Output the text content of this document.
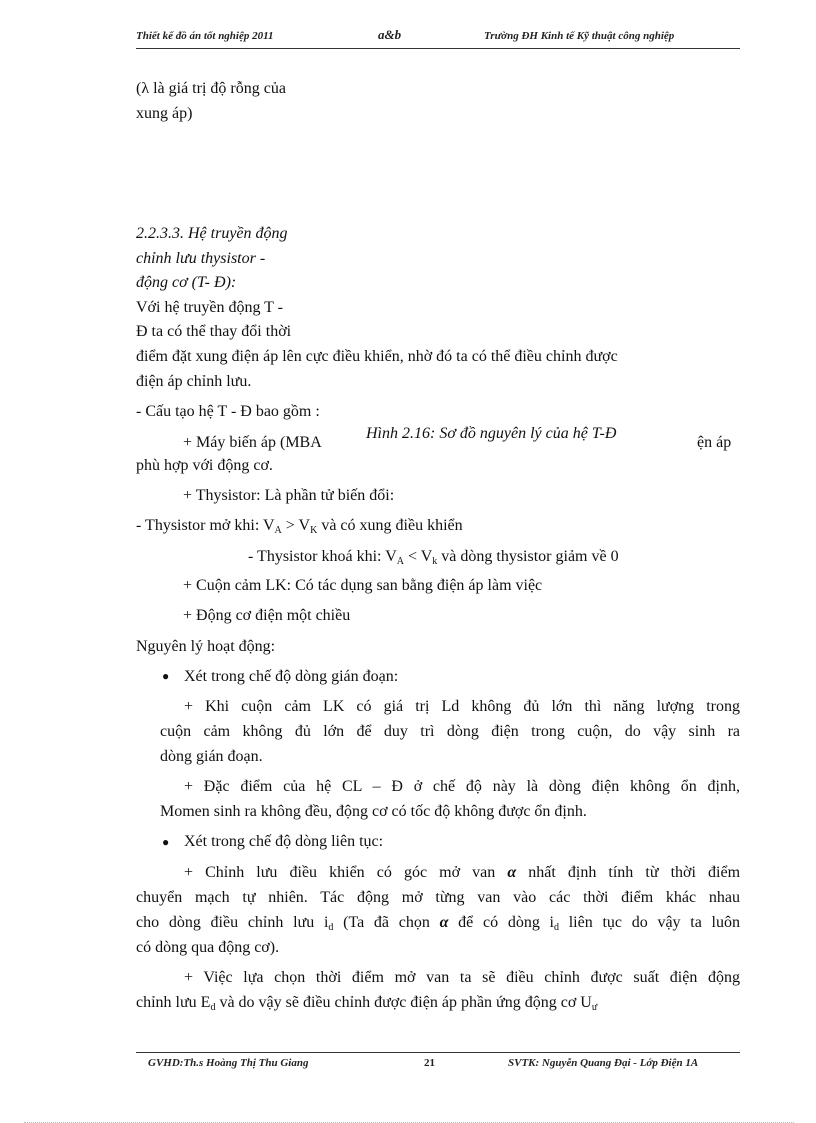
Thiết kế đồ án tốt nghiệp 2011	a&b	Trường ĐH Kinh tế Kỹ thuật công nghiệp
(λ là giá trị độ rỗng của
xung áp)
2.2.3.3. Hệ truyền động
chỉnh lưu thysistor -
động cơ (T- Đ):
Với hệ truyền động T -
Đ ta có thể thay đổi thời
điểm đặt xung điện áp lên cực điều khiển, nhờ đó ta có thể điều chỉnh được
điện áp chỉnh lưu.
- Cấu tạo hệ T - Đ bao gồm :
+ Máy biến áp (MBA
Hình 2.16: Sơ đồ nguyên lý của hệ T-Đ
ện áp
phù hợp với động cơ.
+ Thysistor: Là phần tử biến đổi:
- Thysistor mở khi: $V_A > V_K$ và có xung điều khiển
- Thysistor khoá khi: $V_A < V_k$ và dòng thysistor giảm về 0
+ Cuộn cảm LK: Có tác dụng san bằng điện áp làm việc
+ Động cơ điện một chiều
Nguyên lý hoạt động:
● Xét trong chế độ dòng gián đoạn:
+ Khi cuộn cảm LK có giá trị Ld không đủ lớn thì năng lượng trong
cuộn cảm không đủ lớn để duy trì dòng điện trong cuộn, do vậy sinh ra
dòng gián đoạn.
+ Đặc điểm của hệ CL – Đ ở chế độ này là dòng điện không ổn định,
Momen sinh ra không đều, động cơ có tốc độ không được ổn định.
● Xét trong chế độ dòng liên tục:
+ Chỉnh lưu điều khiển có góc mở van α nhất định tính từ thời điểm
chuyển mạch tự nhiên. Tác động mở từng van vào các thời điểm khác nhau
cho dòng điều chỉnh lưu $i_d$ (Ta đã chọn α để có dòng $i_d$ liên tục do vậy ta luôn
có dòng qua động cơ).
+ Việc lựa chọn thời điểm mở van ta sẽ điều chỉnh được suất điện động
chỉnh lưu $E_d$ và do vậy sẽ điều chỉnh được điện áp phần ứng động cơ $U_ư$
GVHD:Th.s Hoàng Thị Thu Giang	21	SVTK: Nguyễn Quang Đại - Lớp Điện 1A
